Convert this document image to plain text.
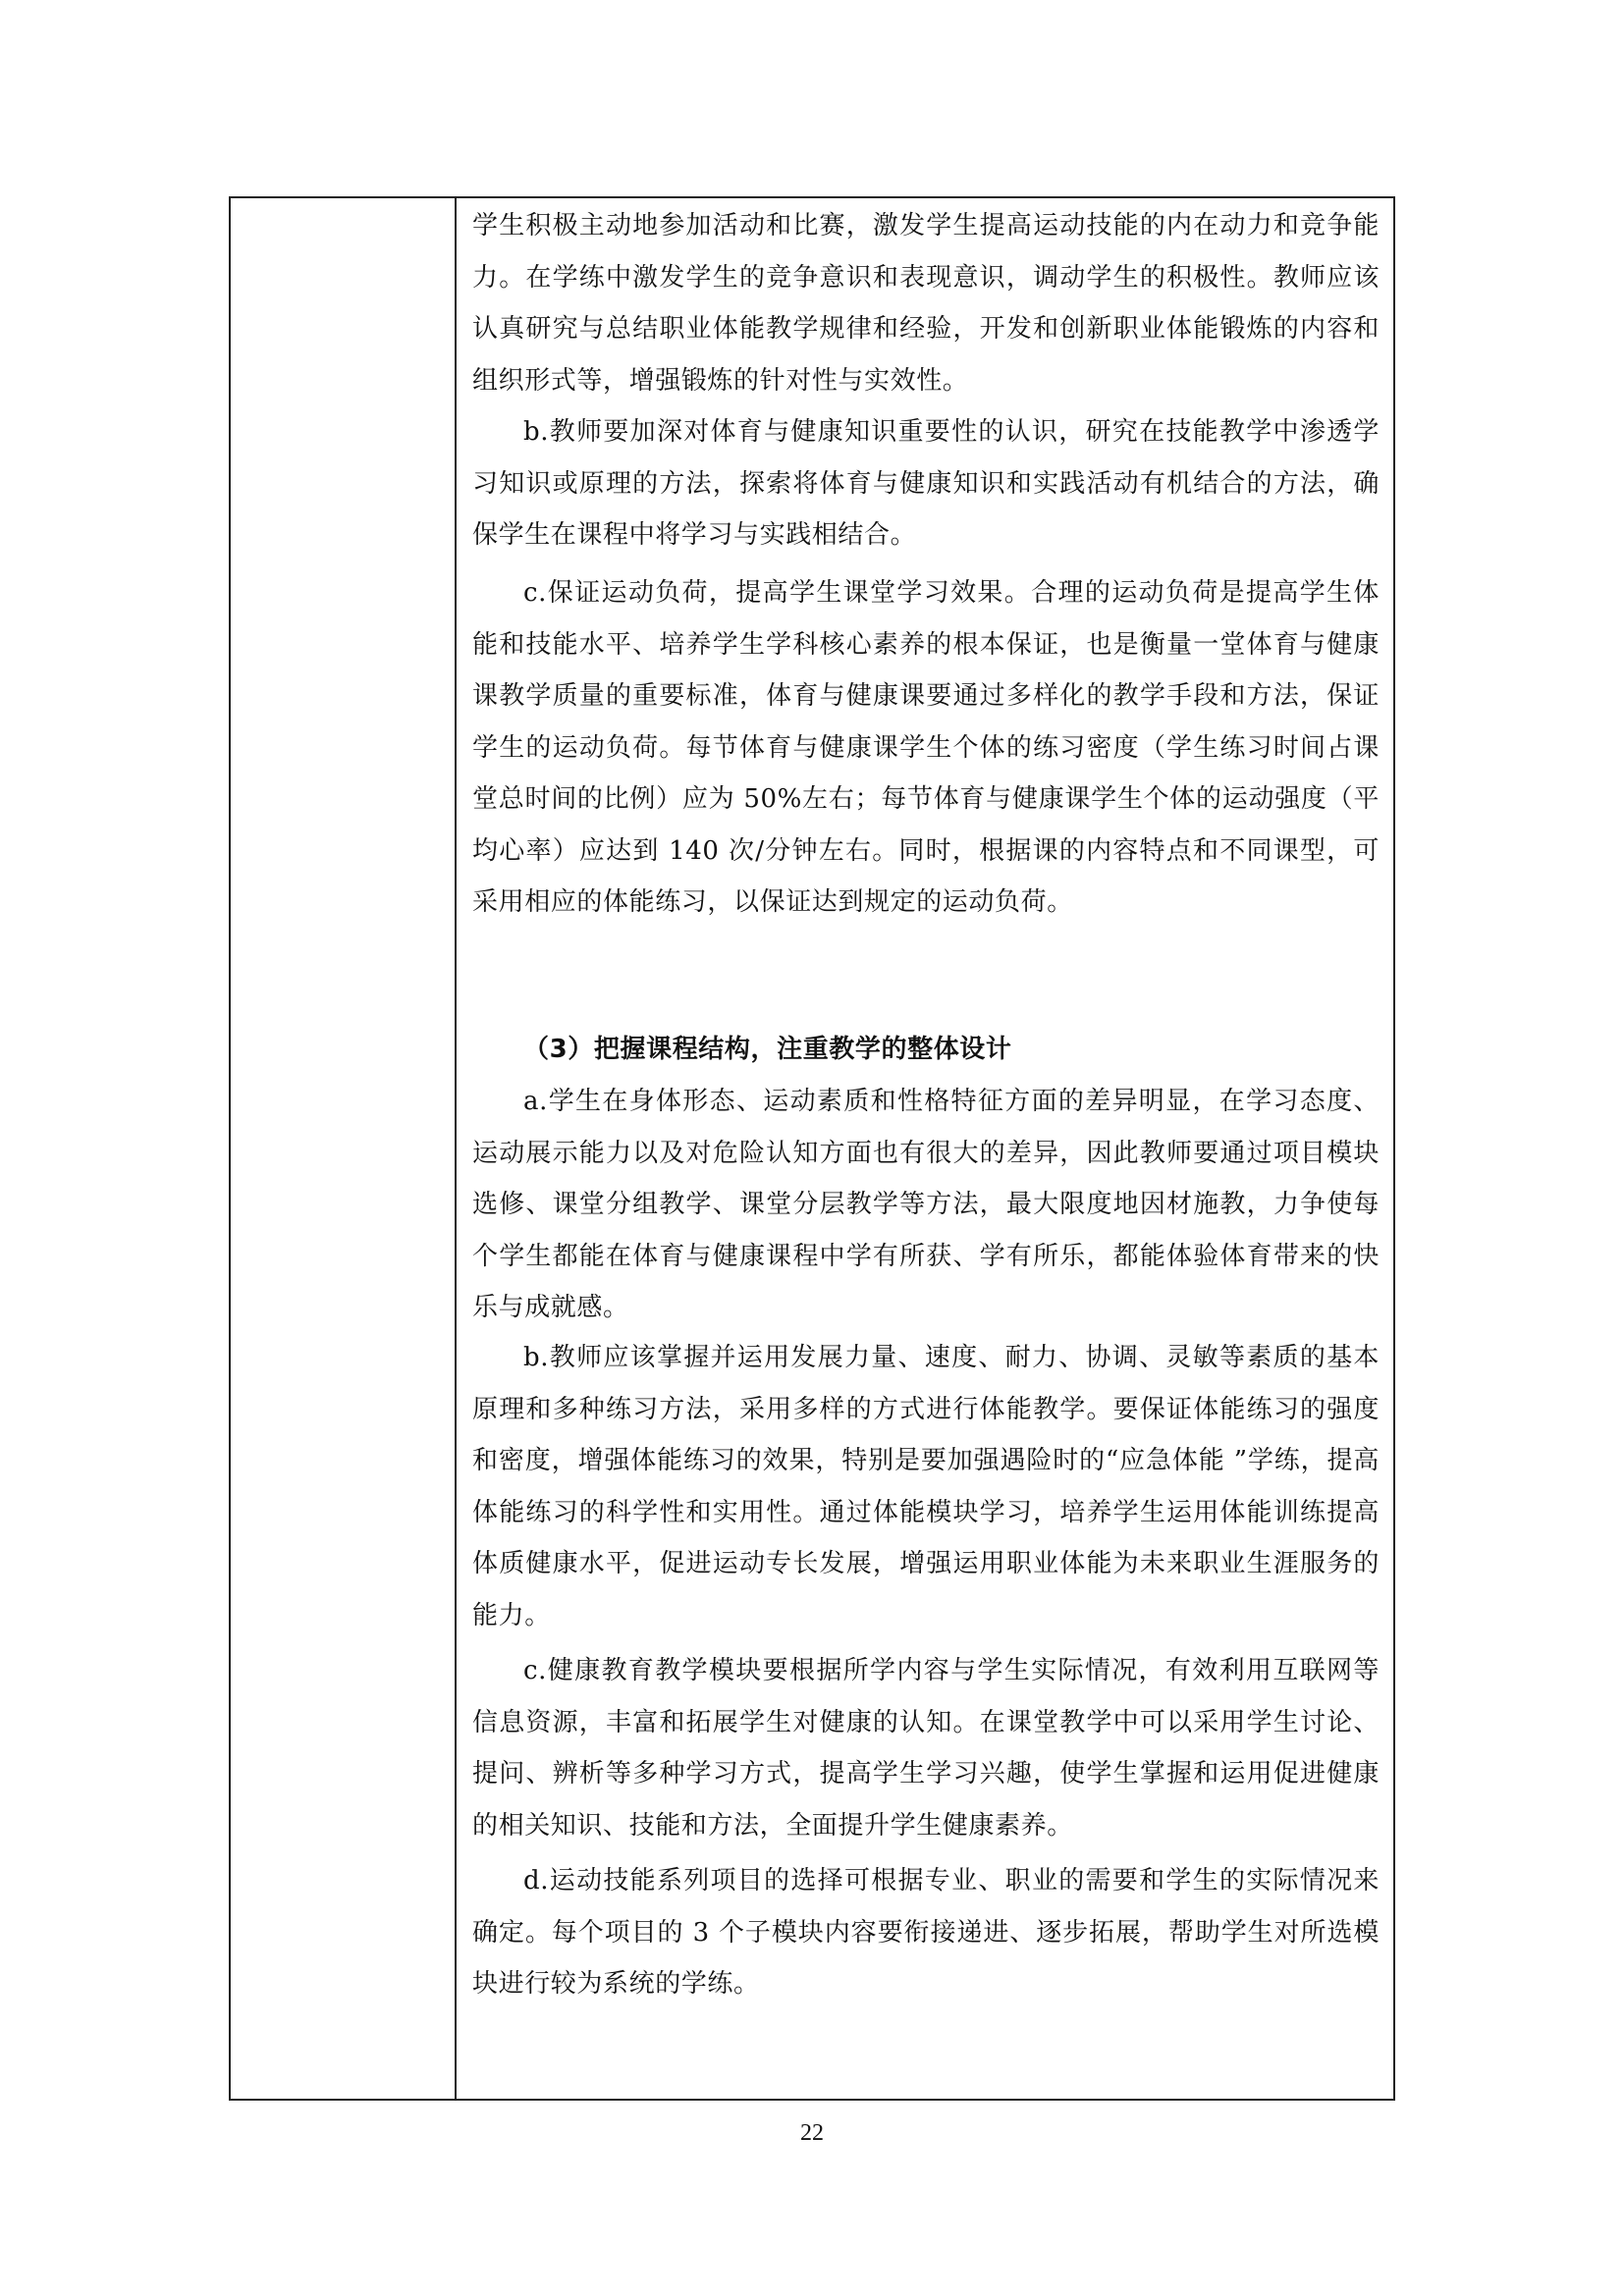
学生积极主动地参加活动和比赛，激发学生提高运动技能的内在动力和竞争能力。在学练中激发学生的竞争意识和表现意识，调动学生的积极性。教师应该认真研究与总结职业体能教学规律和经验，开发和创新职业体能锻炼的内容和组织形式等，增强锻炼的针对性与实效性。

b.教师要加深对体育与健康知识重要性的认识，研究在技能教学中渗透学习知识或原理的方法，探索将体育与健康知识和实践活动有机结合的方法，确保学生在课程中将学习与实践相结合。

c.保证运动负荷，提高学生课堂学习效果。合理的运动负荷是提高学生体能和技能水平、培养学生学科核心素养的根本保证，也是衡量一堂体育与健康课教学质量的重要标准，体育与健康课要通过多样化的教学手段和方法，保证学生的运动负荷。每节体育与健康课学生个体的练习密度（学生练习时间占课堂总时间的比例）应为 50%左右；每节体育与健康课学生个体的运动强度（平均心率）应达到 140 次/分钟左右。同时，根据课的内容特点和不同课型，可采用相应的体能练习，以保证达到规定的运动负荷。

（3）把握课程结构，注重教学的整体设计

a.学生在身体形态、运动素质和性格特征方面的差异明显，在学习态度、运动展示能力以及对危险认知方面也有很大的差异，因此教师要通过项目模块选修、课堂分组教学、课堂分层教学等方法，最大限度地因材施教，力争使每个学生都能在体育与健康课程中学有所获、学有所乐，都能体验体育带来的快乐与成就感。

b.教师应该掌握并运用发展力量、速度、耐力、协调、灵敏等素质的基本原理和多种练习方法，采用多样的方式进行体能教学。要保证体能练习的强度和密度，增强体能练习的效果，特别是要加强遇险时的“应急体能 ”学练，提高体能练习的科学性和实用性。通过体能模块学习，培养学生运用体能训练提高体质健康水平，促进运动专长发展，增强运用职业体能为未来职业生涯服务的能力。

c.健康教育教学模块要根据所学内容与学生实际情况，有效利用互联网等信息资源，丰富和拓展学生对健康的认知。在课堂教学中可以采用学生讨论、提问、辨析等多种学习方式，提高学生学习兴趣，使学生掌握和运用促进健康的相关知识、技能和方法，全面提升学生健康素养。

d.运动技能系列项目的选择可根据专业、职业的需要和学生的实际情况来确定。每个项目的 3 个子模块内容要衔接递进、逐步拓展，帮助学生对所选模块进行较为系统的学练。

22
